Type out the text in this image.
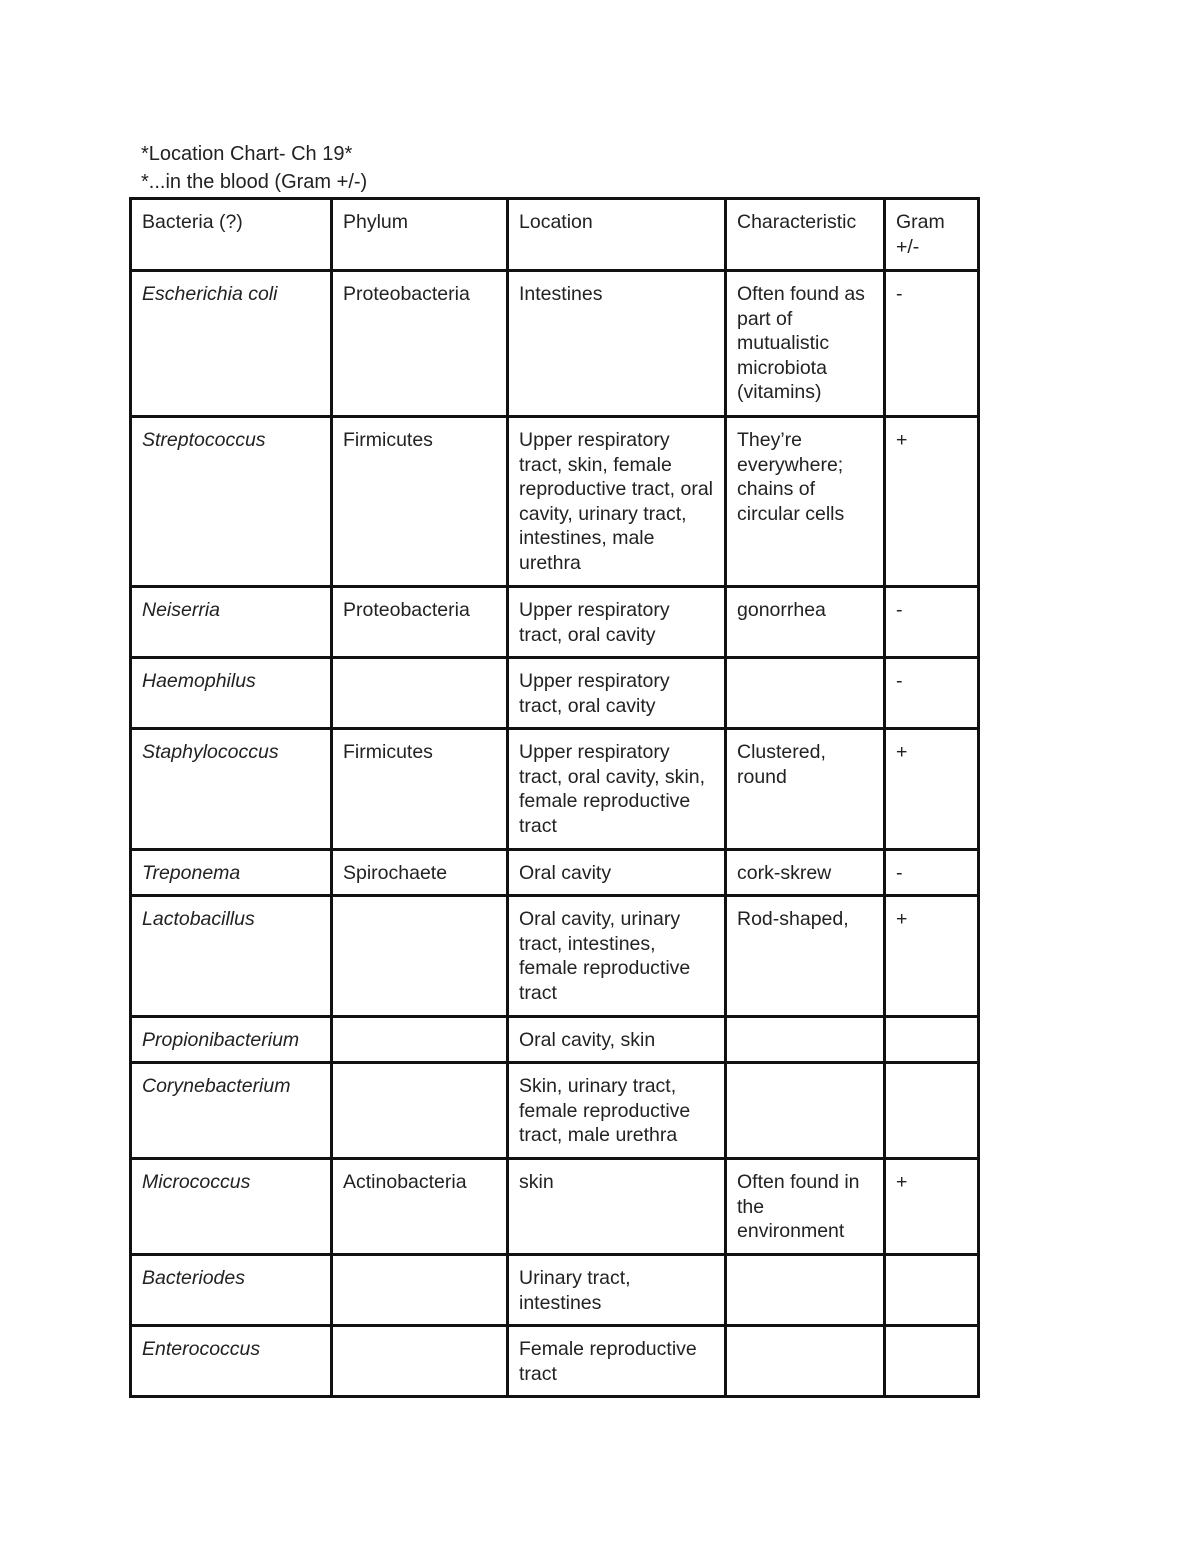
*Location Chart- Ch 19*
*...in the blood (Gram +/-)
Bacteria (?)	Phylum	Location	Characteristic	Gram +/-
Escherichia coli	Proteobacteria	Intestines	Often found as part of mutualistic microbiota (vitamins)	-
Streptococcus	Firmicutes	Upper respiratory tract, skin, female reproductive tract, oral cavity, urinary tract, intestines, male urethra	They’re everywhere; chains of circular cells	+
Neiserria	Proteobacteria	Upper respiratory tract, oral cavity	gonorrhea	-
Haemophilus		Upper respiratory tract, oral cavity		-
Staphylococcus	Firmicutes	Upper respiratory tract, oral cavity, skin, female reproductive tract	Clustered, round	+
Treponema	Spirochaete	Oral cavity	cork-skrew	-
Lactobacillus		Oral cavity, urinary tract, intestines, female reproductive tract	Rod-shaped,	+
Propionibacterium		Oral cavity, skin		
Corynebacterium		Skin, urinary tract, female reproductive tract, male urethra		
Micrococcus	Actinobacteria	skin	Often found in the environment	+
Bacteriodes		Urinary tract, intestines		
Enterococcus		Female reproductive tract		
